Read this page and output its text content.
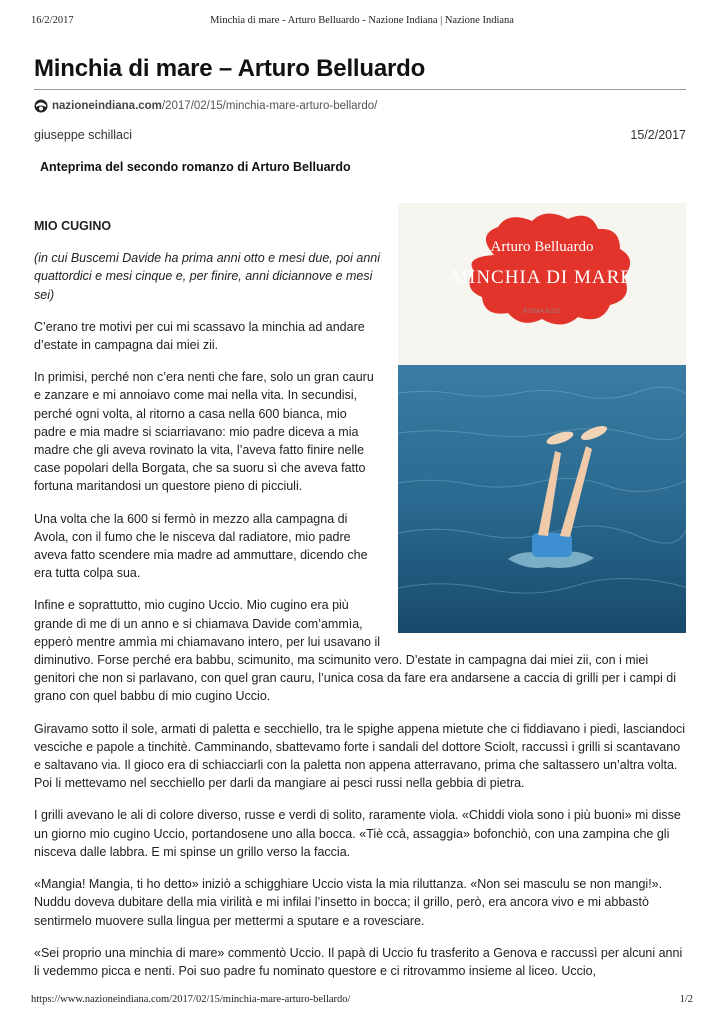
16/2/2017	Minchia di mare - Arturo Belluardo - Nazione Indiana | Nazione Indiana
Minchia di mare – Arturo Belluardo
nazioneindiana.com /2017/02/15/minchia-mare-arturo-bellardo/
giuseppe schillaci	15/2/2017
Anteprima del secondo romanzo di Arturo Belluardo
Arturo Belluardo
MINCHIA DI MARE
ROMANZO

MIO CUGINO

(in cui Buscemi Davide ha prima anni otto e mesi due, poi anni quattordici e mesi cinque e, per finire, anni diciannove e mesi sei)

C’erano tre motivi per cui mi scassavo la minchia ad andare d’estate in campagna dai miei zii.

In primisi, perché non c’era nenti che fare, solo un gran cauru e zanzare e mi annoiavo come mai nella vita. In secundisi, perché ogni volta, al ritorno a casa nella 600 bianca, mio padre e mia madre si sciarriavano: mio padre diceva a mia madre che gli aveva rovinato la vita, l’aveva fatto finire nelle case popolari della Borgata, che sa suoru sì che aveva fatto fortuna maritandosi un questore pieno di picciuli.

Una volta che la 600 si fermò in mezzo alla campagna di Avola, con il fumo che le nisceva dal radiatore, mio padre aveva fatto scendere mia madre ad ammuttare, dicendo che era tutta colpa sua.

Infine e soprattutto, mio cugino Uccio. Mio cugino era più grande di me di un anno e si chiamava Davide com’ammìa, epperò mentre ammìa mi chiamavano intero, per lui usavano il diminutivo. Forse perché era babbu, scimunito, ma scimunito vero. D’estate in campagna dai miei zii, con i miei genitori che non si parlavano, con quel gran cauru, l’unica cosa da fare era andarsene a caccia di grilli per i campi di grano con quel babbu di mio cugino Uccio.

Giravamo sotto il sole, armati di paletta e secchiello, tra le spighe appena mietute che ci fiddiavano i piedi, lasciandoci vesciche e papole a tinchitè. Camminando, sbattevamo forte i sandali del dottore Sciolt, raccussì i grilli si scantavano e saltavano via. Il gioco era di schiacciarli con la paletta non appena atterravano, prima che saltassero un’altra volta. Poi li mettevamo nel secchiello per darli da mangiare ai pesci russi nella gebbia di pietra.

I grilli avevano le ali di colore diverso, russe e verdi di solito, raramente viola. «Chiddi viola sono i più buoni» mi disse un giorno mio cugino Uccio, portandosene uno alla bocca. «Tiè ccà, assaggia» bofonchiò, con una zampina che gli nisceva dalle labbra. E mi spinse un grillo verso la faccia.

«Mangia! Mangia, ti ho detto» iniziò a schigghiare Uccio vista la mia riluttanza. «Non sei masculu se non mangi!». Nuddu doveva dubitare della mia virilità e mi infilai l’insetto in bocca; il grillo, però, era ancora vivo e mi abbastò sentirmelo muovere sulla lingua per mettermi a sputare e a rovesciare.

«Sei proprio una minchia di mare» commentò Uccio. Il papà di Uccio fu trasferito a Genova e raccussì per alcuni anni li vedemmo picca e nenti. Poi suo padre fu nominato questore e ci ritrovammo insieme al liceo. Uccio,

https://www.nazioneindiana.com/2017/02/15/minchia-mare-arturo-bellardo/	1/2
